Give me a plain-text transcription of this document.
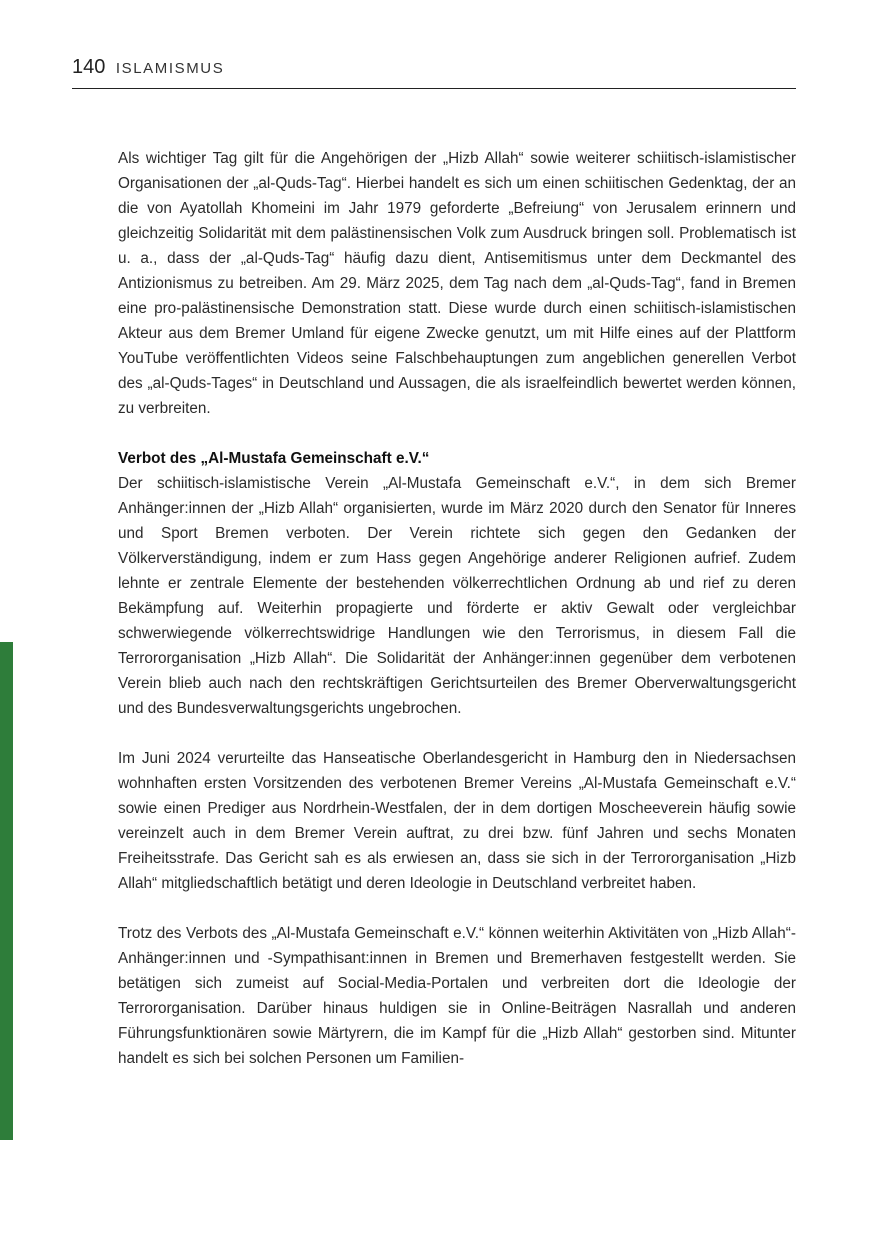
140 ISLAMISMUS

Als wichtiger Tag gilt für die Angehörigen der „Hizb Allah“ sowie weiterer schiitisch-islamistischer Organisationen der „al-Quds-Tag“. Hierbei handelt es sich um einen schiitischen Gedenktag, der an die von Ayatollah Khomeini im Jahr 1979 geforderte „Befreiung“ von Jerusalem erinnern und gleichzeitig Solidarität mit dem palästinensischen Volk zum Ausdruck bringen soll. Problematisch ist u. a., dass der „al-Quds-Tag“ häufig dazu dient, Antisemitismus unter dem Deckmantel des Antizionismus zu betreiben. Am 29. März 2025, dem Tag nach dem „al-Quds-Tag“, fand in Bremen eine pro-palästinensische Demonstration statt. Diese wurde durch einen schiitisch-islamistischen Akteur aus dem Bremer Umland für eigene Zwecke genutzt, um mit Hilfe eines auf der Plattform YouTube veröffentlichten Videos seine Falschbehauptungen zum angeblichen generellen Verbot des „al-Quds-Tages“ in Deutschland und Aussagen, die als israelfeindlich bewertet werden können, zu verbreiten.

Verbot des „Al-Mustafa Gemeinschaft e.V.“

Der schiitisch-islamistische Verein „Al-Mustafa Gemeinschaft e.V.“, in dem sich Bremer Anhänger:innen der „Hizb Allah“ organisierten, wurde im März 2020 durch den Senator für Inneres und Sport Bremen verboten. Der Verein richtete sich gegen den Gedanken der Völkerverständigung, indem er zum Hass gegen Angehörige anderer Religionen aufrief. Zudem lehnte er zentrale Elemente der bestehenden völkerrechtlichen Ordnung ab und rief zu deren Bekämpfung auf. Weiterhin propagierte und förderte er aktiv Gewalt oder vergleichbar schwerwiegende völkerrechtswidrige Handlungen wie den Terrorismus, in diesem Fall die Terrororganisation „Hizb Allah“. Die Solidarität der Anhänger:innen gegenüber dem verbotenen Verein blieb auch nach den rechtskräftigen Gerichtsurteilen des Bremer Oberverwaltungsgericht und des Bundesverwaltungsgerichts ungebrochen.

Im Juni 2024 verurteilte das Hanseatische Oberlandesgericht in Hamburg den in Niedersachsen wohnhaften ersten Vorsitzenden des verbotenen Bremer Vereins „Al-Mustafa Gemeinschaft e.V.“ sowie einen Prediger aus Nordrhein-Westfalen, der in dem dortigen Moscheeverein häufig sowie vereinzelt auch in dem Bremer Verein auftrat, zu drei bzw. fünf Jahren und sechs Monaten Freiheitsstrafe. Das Gericht sah es als erwiesen an, dass sie sich in der Terrororganisation „Hizb Allah“ mitgliedschaftlich betätigt und deren Ideologie in Deutschland verbreitet haben.

Trotz des Verbots des „Al-Mustafa Gemeinschaft e.V.“ können weiterhin Aktivitäten von „Hizb Allah“-Anhänger:innen und -Sympathisant:innen in Bremen und Bremerhaven festgestellt werden. Sie betätigen sich zumeist auf Social-Media-Portalen und verbreiten dort die Ideologie der Terrororganisation. Darüber hinaus huldigen sie in Online-Beiträgen Nasrallah und anderen Führungsfunktionären sowie Märtyrern, die im Kampf für die „Hizb Allah“ gestorben sind. Mitunter handelt es sich bei solchen Personen um Familien-
